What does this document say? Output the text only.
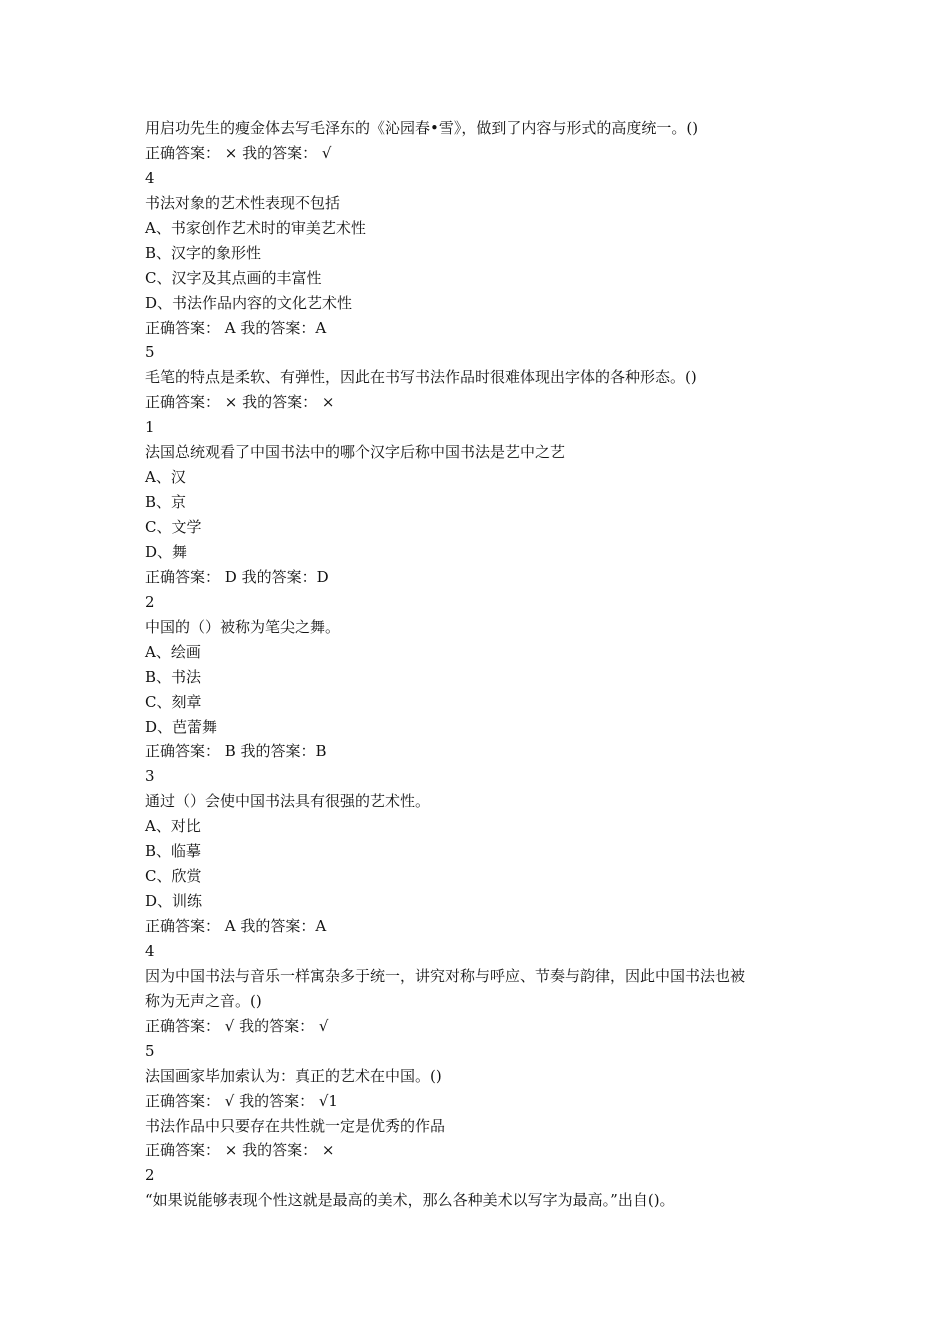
用启功先生的瘦金体去写毛泽东的《沁园春•雪》，做到了内容与形式的高度统一。()
正确答案： × 我的答案： √
4
书法对象的艺术性表现不包括
A、书家创作艺术时的审美艺术性
B、汉字的象形性
C、汉字及其点画的丰富性
D、书法作品内容的文化艺术性
正确答案： A 我的答案：A
5
毛笔的特点是柔软、有弹性，因此在书写书法作品时很难体现出字体的各种形态。()
正确答案： × 我的答案： ×
1
法国总统观看了中国书法中的哪个汉字后称中国书法是艺中之艺
A、汉
B、京
C、文学
D、舞
正确答案： D 我的答案：D
2
中国的（）被称为笔尖之舞。
A、绘画
B、书法
C、刻章
D、芭蕾舞
正确答案： B 我的答案：B
3
通过（）会使中国书法具有很强的艺术性。
A、对比
B、临摹
C、欣赏
D、训练
正确答案： A 我的答案：A
4
因为中国书法与音乐一样寓杂多于统一，讲究对称与呼应、节奏与韵律，因此中国书法也被
称为无声之音。()
正确答案： √ 我的答案： √
5
法国画家毕加索认为：真正的艺术在中国。()
正确答案： √ 我的答案： √1
书法作品中只要存在共性就一定是优秀的作品
正确答案： × 我的答案： ×
2
“如果说能够表现个性这就是最高的美术，那么各种美术以写字为最高。”出自()。
